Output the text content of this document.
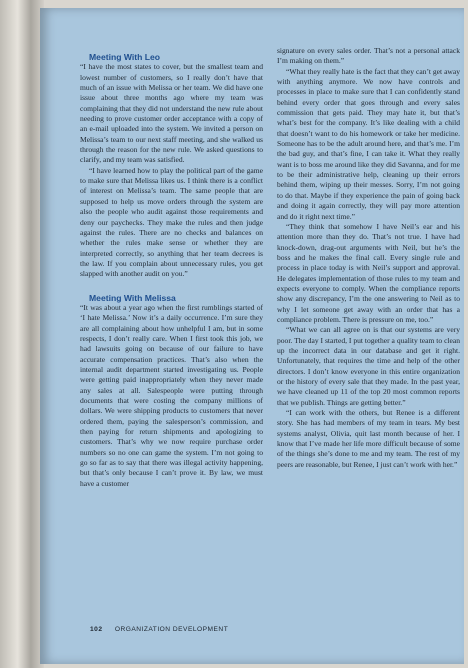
Meeting With Leo

“I have the most states to cover, but the smallest team and lowest number of customers, so I really don’t have that much of an issue with Melissa or her team. We did have one issue about three months ago where my team was complaining that they did not understand the new rule about needing to prove customer order acceptance with a copy of an e-mail uploaded into the system. We invited a person on Melissa’s team to our next staff meeting, and she walked us through the reason for the new rule. We asked questions to clarify, and my team was satisfied.

“I have learned how to play the political part of the game to make sure that Melissa likes us. I think there is a conflict of interest on Melissa’s team. The same people that are supposed to help us move orders through the system are also the people who audit against those requirements and deny our paychecks. They make the rules and then judge against the rules. There are no checks and balances on whether the rules make sense or whether they are interpreted correctly, so anything that her team decrees is the law. If you complain about unnecessary rules, you get slapped with another audit on you.”

Meeting With Melissa

“It was about a year ago when the first rumblings started of ‘I hate Melissa.’ Now it’s a daily occurrence. I’m sure they are all complaining about how unhelpful I am, but in some respects, I don’t really care. When I first took this job, we had lawsuits going on because of our failure to have accurate compensation practices. That’s also when the internal audit department started investigating us. People were getting paid inappropriately when they never made any sales at all. Salespeople were putting through documents that were costing the company millions of dollars. We were shipping products to customers that never ordered them, paying the salesperson’s commission, and then paying for return shipments and apologizing to customers. That’s why we now require purchase order numbers so no one can game the system. I’m not going to go so far as to say that there was illegal activity happening, but that’s only because I can’t prove it. By law, we must have a customer

signature on every sales order. That’s not a personal attack I’m making on them.”

“What they really hate is the fact that they can’t get away with anything anymore. We now have controls and processes in place to make sure that I can confidently stand behind every order that goes through and every sales commission that gets paid. They may hate it, but that’s what’s best for the company. It’s like dealing with a child that doesn’t want to do his homework or take her medicine. Someone has to be the adult around here, and that’s me. I’m the bad guy, and that’s fine, I can take it. What they really want is to boss me around like they did Savanna, and for me to be their administrative help, cleaning up their errors behind them, wiping up their messes. Sorry, I’m not going to do that. Maybe if they experience the pain of going back and doing it again correctly, they will pay more attention and do it right next time.”

“They think that somehow I have Neil’s ear and his attention more than they do. That’s not true. I have had knock-down, drag-out arguments with Neil, but he’s the boss and he makes the final call. Every single rule and process in place today is with Neil’s support and approval. He delegates implementation of those rules to my team and expects everyone to comply. When the compliance reports show any discrepancy, I’m the one answering to Neil as to why I let someone get away with an order that has a compliance problem. There is pressure on me, too.”

“What we can all agree on is that our systems are very poor. The day I started, I put together a quality team to clean up the incorrect data in our database and get it right. Unfortunately, that requires the time and help of the other directors. I don’t know everyone in this entire organization or the history of every sale that they made. In the past year, we have cleaned up 11 of the top 20 most common reports that we publish. Things are getting better.”

“I can work with the others, but Renee is a different story. She has had members of my team in tears. My best systems analyst, Olivia, quit last month because of her. I know that I’ve made her life more difficult because of some of the things she’s done to me and my team. The rest of my peers are reasonable, but Renee, I just can’t work with her.”

102 ORGANIZATION DEVELOPMENT
